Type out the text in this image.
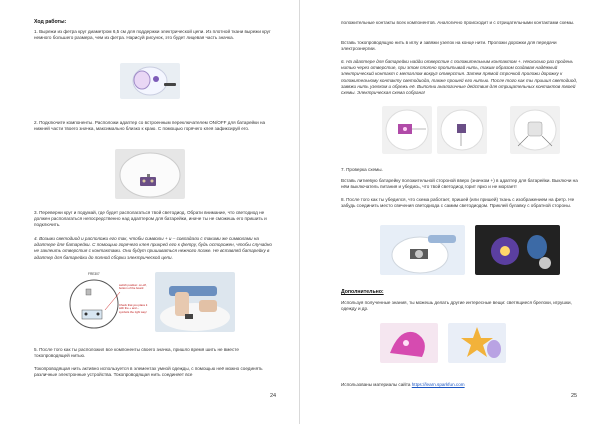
Ход работы:
1. Вырежи из фетра круг диаметром 6,5 см для поддержки электрической цепи. Из плотной ткани вырежи круг немного большего размера, чем из фетра. Нарисуй рисунок, это будет лицевая часть значка.
2. Подключите компоненты. Расположи адаптер со встроенным переключателем ON/OFF для батарейки на нижней части твоего значка, максимально близко к краю. С помощью горячего клея зафиксируй его.
3. Переверни круг и подумай, где будет располагаться твой светодиод. Обрати внимание, что светодиод не должен располагаться непосредственно над адаптером для батарейки, иначе ты не сможешь его пришить и подключить.
4. Возьми светодиод и расположи его так, чтобы символы + и – совпадали с такими же символами на адаптере для батарейки. С помощью горячего клея прикрей его к фетру, будь осторожен, чтобы случайно не заклеить отверстия с контактами. Они будут пришиваться нежного позже. Не вставляй батарейку в адаптер для батарейки до полной сборки электрической цепи.
FRE307
switch position: on-off, bottom of the board
Check that you place it with the + and – symbols the right way!
5. После того как ты расположил все компоненты своего значка, пришло время шить не вместе токопроводящей нитью.
Токопроводящая нить активно используется в элементах умной одежды, с помощью неё можно соединять различные электронные устройства. Токопроводящая нить соединяет все
24
положительные контакты всех компонентов. Аналогично происходит и с отрицательными контактами схемы.
Вставь токопроводящую нить в иглу и завяжи узелок на конце нити. Проложи дорожки для передачи электроэнергии.
6. На адаптере для батарейки найди отверстие с положительным контактом +. Несколько раз продень нитью через отверстие, при этом плотно пропитывай нить, таким образом создавая надёжный электрический контакт с металлом вокруг отверстия. Затем прямой строчкой проложи дорожку к положительному контакту светодиода, также прошей его нитью. После того как ты пришил светодиод, завяжи нить узелком и обрежь её. Выполни аналогичные действия для отрицательных контактов твоей схемы. Электрическая схема собрана!
7. Проверка схемы.
Вставь литиевую батарейку положительной стороной вверх (значком +) в адаптер для батарейки. Выключи на нём выключатель питания и убедись, что твой светодиод горит ярко и не моргает!
8. После того как ты убедился, что схема работает, пришей (или пришей) ткань с изображением на фетр. Не забудь соединить место свечения светодиода с самим светодиодом. Приклей булавку с обратной стороны.
Дополнительно:
Используя полученные знания, ты можешь делать другие интересные вещи: светящиеся брелоки, игрушки, одежду и др.
Использованы материалы сайта https://learn.sparkfun.com
25
